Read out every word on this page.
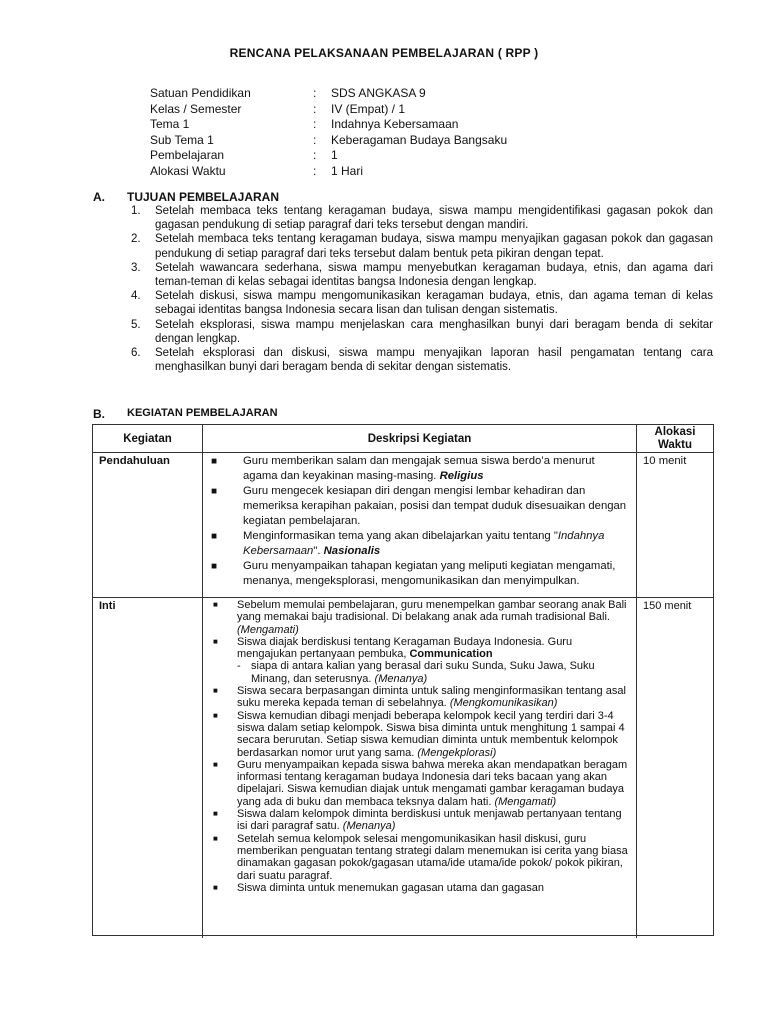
RENCANA PELAKSANAAN PEMBELAJARAN ( RPP )
Satuan Pendidikan	:	SDS ANGKASA 9
Kelas / Semester	:	IV (Empat) / 1
Tema 1	:	Indahnya Kebersamaan
Sub Tema 1	:	Keberagaman Budaya Bangsaku
Pembelajaran	:	1
Alokasi Waktu	:	1 Hari
A.	TUJUAN PEMBELAJARAN
1.	Setelah membaca teks tentang keragaman budaya, siswa mampu mengidentifikasi gagasan pokok dan gagasan pendukung di setiap paragraf dari teks tersebut dengan mandiri.
2.	Setelah membaca teks tentang keragaman budaya, siswa mampu menyajikan gagasan pokok dan gagasan pendukung di setiap paragraf dari teks tersebut dalam bentuk peta pikiran dengan tepat.
3.	Setelah wawancara sederhana, siswa mampu menyebutkan keragaman budaya, etnis, dan agama dari teman-teman di kelas sebagai identitas bangsa Indonesia dengan lengkap.
4.	Setelah diskusi, siswa mampu mengomunikasikan keragaman budaya, etnis, dan agama teman di kelas sebagai identitas bangsa Indonesia secara lisan dan tulisan dengan sistematis.
5.	Setelah eksplorasi, siswa mampu menjelaskan cara menghasilkan bunyi dari beragam benda di sekitar dengan lengkap.
6.	Setelah eksplorasi dan diskusi, siswa mampu menyajikan laporan hasil pengamatan tentang cara menghasilkan bunyi dari beragam benda di sekitar dengan sistematis.
B.	KEGIATAN PEMBELAJARAN
Kegiatan	Deskripsi Kegiatan
Alokasi Waktu
Pendahuluan	■	Guru memberikan salam dan mengajak semua siswa berdo’a menurut agama dan keyakinan masing-masing. Religius
■	Guru mengecek kesiapan diri dengan mengisi lembar kehadiran dan memeriksa kerapihan pakaian, posisi dan tempat duduk disesuaikan dengan kegiatan pembelajaran.
■	Menginformasikan tema yang akan dibelajarkan yaitu tentang "Indahnya Kebersamaan". Nasionalis
■	Guru menyampaikan tahapan kegiatan yang meliputi kegiatan mengamati, menanya, mengeksplorasi, mengomunikasikan dan menyimpulkan.
10 menit
Inti	■	Sebelum memulai pembelajaran, guru menempelkan gambar seorang anak Bali yang memakai baju tradisional. Di belakang anak ada rumah tradisional Bali. (Mengamati)
■	Siswa diajak berdiskusi tentang Keragaman Budaya Indonesia. Guru mengajukan pertanyaan pembuka, Communication
- siapa di antara kalian yang berasal dari suku Sunda, Suku Jawa, Suku Minang, dan seterusnya. (Menanya)
■	Siswa secara berpasangan diminta untuk saling menginformasikan tentang asal suku mereka kepada teman di sebelahnya. (Mengkomunikasikan)
■	Siswa kemudian dibagi menjadi beberapa kelompok kecil yang terdiri dari 3-4 siswa dalam setiap kelompok. Siswa bisa diminta untuk menghitung 1 sampai 4 secara berurutan. Setiap siswa kemudian diminta untuk membentuk kelompok berdasarkan nomor urut yang sama. (Mengekplorasi)
■	Guru menyampaikan kepada siswa bahwa mereka akan mendapatkan beragam informasi tentang keragaman budaya Indonesia dari teks bacaan yang akan dipelajari. Siswa kemudian diajak untuk mengamati gambar keragaman budaya yang ada di buku dan membaca teksnya dalam hati. (Mengamati)
■	Siswa dalam kelompok diminta berdiskusi untuk menjawab pertanyaan tentang isi dari paragraf satu. (Menanya)
■	Setelah semua kelompok selesai mengomunikasikan hasil diskusi, guru memberikan penguatan tentang strategi dalam menemukan isi cerita yang biasa dinamakan gagasan pokok/gagasan utama/ide utama/ide pokok/ pokok pikiran, dari suatu paragraf.
■	Siswa diminta untuk menemukan gagasan utama dan gagasan
150 menit
